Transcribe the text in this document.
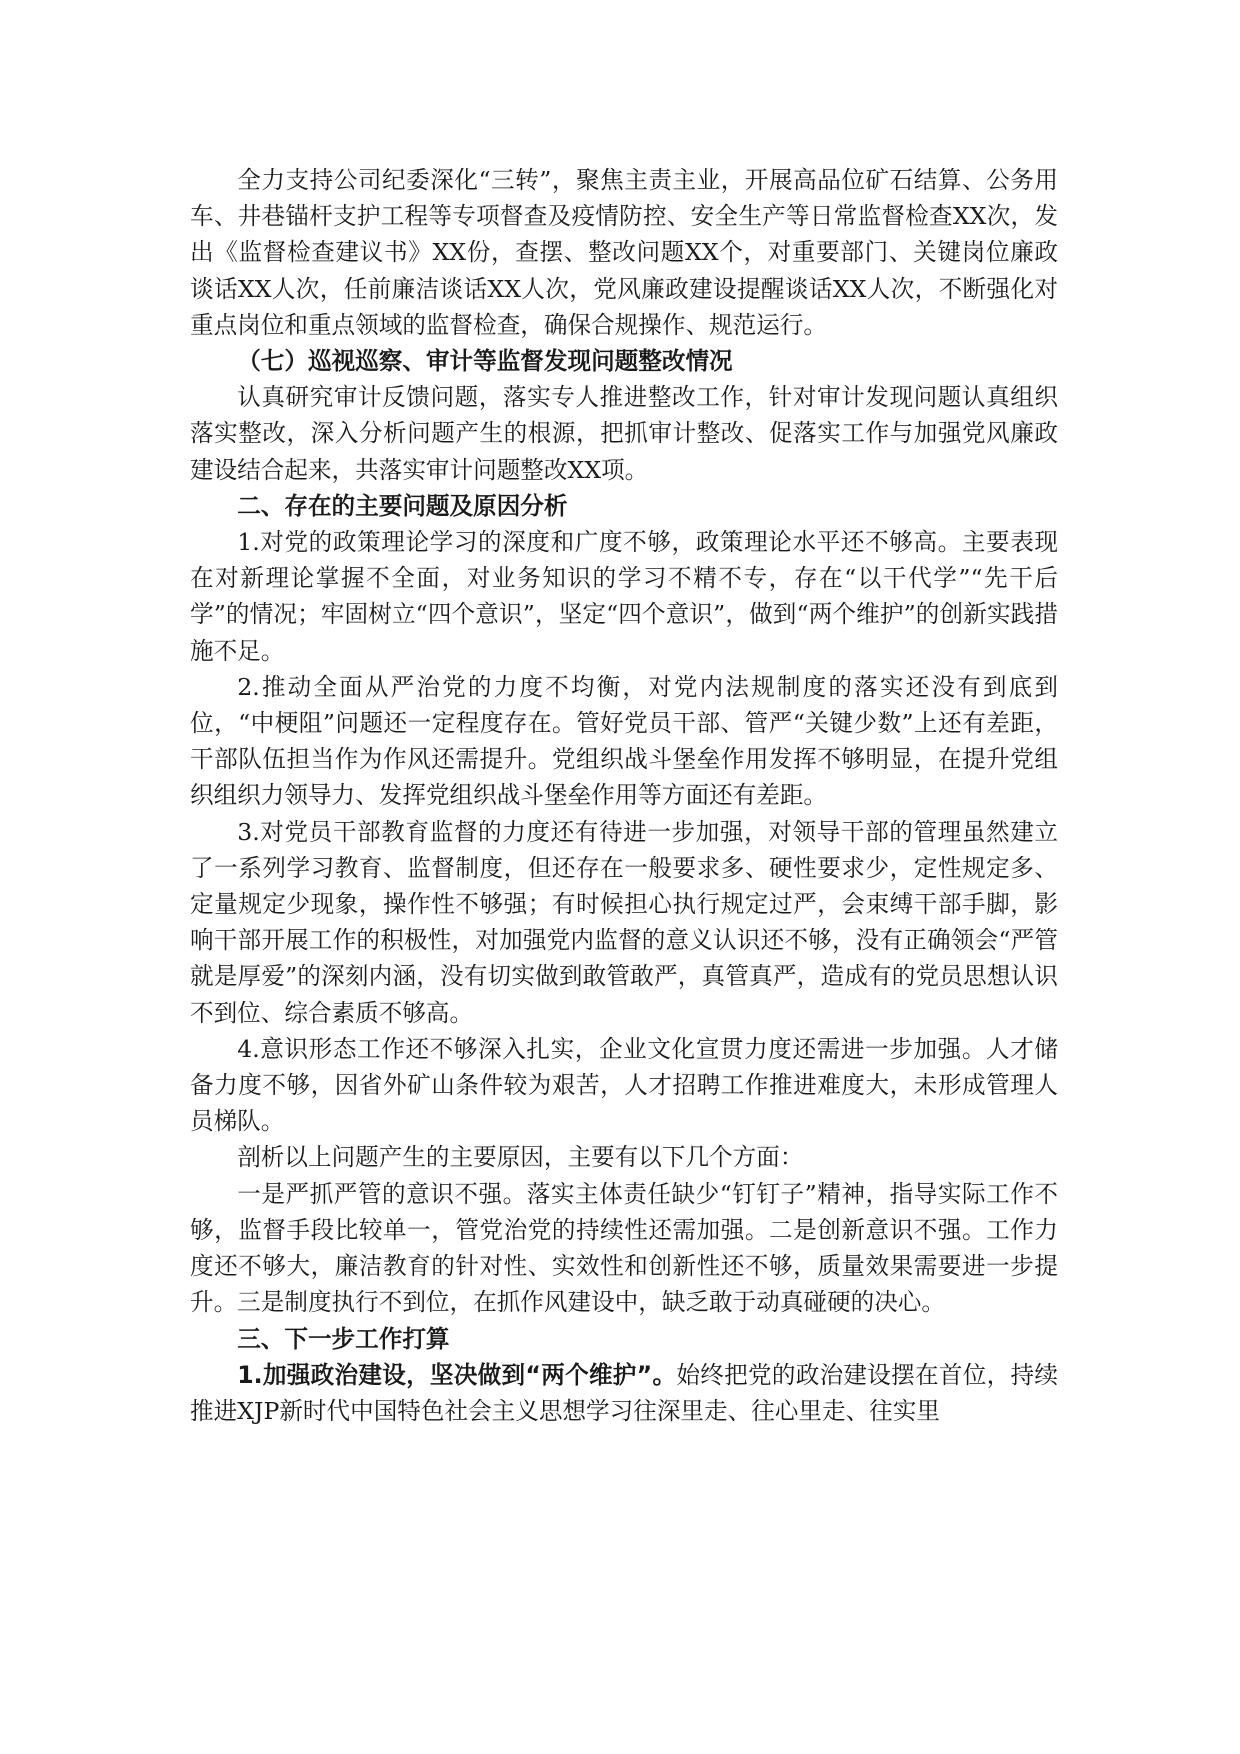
全力支持公司纪委深化“三转”，聚焦主责主业，开展高品位矿石结算、公务用车、井巷锚杆支护工程等专项督查及疫情防控、安全生产等日常监督检查XX次，发出《监督检查建议书》XX份，查摆、整改问题XX个，对重要部门、关键岗位廉政谈话XX人次，任前廉洁谈话XX人次，党风廉政建设提醒谈话XX人次，不断强化对重点岗位和重点领域的监督检查，确保合规操作、规范运行。

（七）巡视巡察、审计等监督发现问题整改情况

认真研究审计反馈问题，落实专人推进整改工作，针对审计发现问题认真组织落实整改，深入分析问题产生的根源，把抓审计整改、促落实工作与加强党风廉政建设结合起来，共落实审计问题整改XX项。

二、存在的主要问题及原因分析

1.对党的政策理论学习的深度和广度不够，政策理论水平还不够高。主要表现在对新理论掌握不全面，对业务知识的学习不精不专，存在“以干代学”“先干后学”的情况；牢固树立“四个意识”，坚定“四个意识”，做到“两个维护”的创新实践措施不足。

2.推动全面从严治党的力度不均衡，对党内法规制度的落实还没有到底到位，“中梗阻”问题还一定程度存在。管好党员干部、管严“关键少数”上还有差距，干部队伍担当作为作风还需提升。党组织战斗堡垒作用发挥不够明显，在提升党组织组织力领导力、发挥党组织战斗堡垒作用等方面还有差距。

3.对党员干部教育监督的力度还有待进一步加强，对领导干部的管理虽然建立了一系列学习教育、监督制度，但还存在一般要求多、硬性要求少，定性规定多、定量规定少现象，操作性不够强；有时候担心执行规定过严，会束缚干部手脚，影响干部开展工作的积极性，对加强党内监督的意义认识还不够，没有正确领会“严管就是厚爱”的深刻内涵，没有切实做到敢管敢严，真管真严，造成有的党员思想认识不到位、综合素质不够高。

4.意识形态工作还不够深入扎实，企业文化宣贯力度还需进一步加强。人才储备力度不够，因省外矿山条件较为艰苦，人才招聘工作推进难度大，未形成管理人员梯队。

剖析以上问题产生的主要原因，主要有以下几个方面：

一是严抓严管的意识不强。落实主体责任缺少“钉钉子”精神，指导实际工作不够，监督手段比较单一，管党治党的持续性还需加强。二是创新意识不强。工作力度还不够大，廉洁教育的针对性、实效性和创新性还不够，质量效果需要进一步提升。三是制度执行不到位，在抓作风建设中，缺乏敢于动真碰硬的决心。

三、下一步工作打算

1.加强政治建设，坚决做到“两个维护”。始终把党的政治建设摆在首位，持续推进XJP新时代中国特色社会主义思想学习往深里走、往心里走、往实里
